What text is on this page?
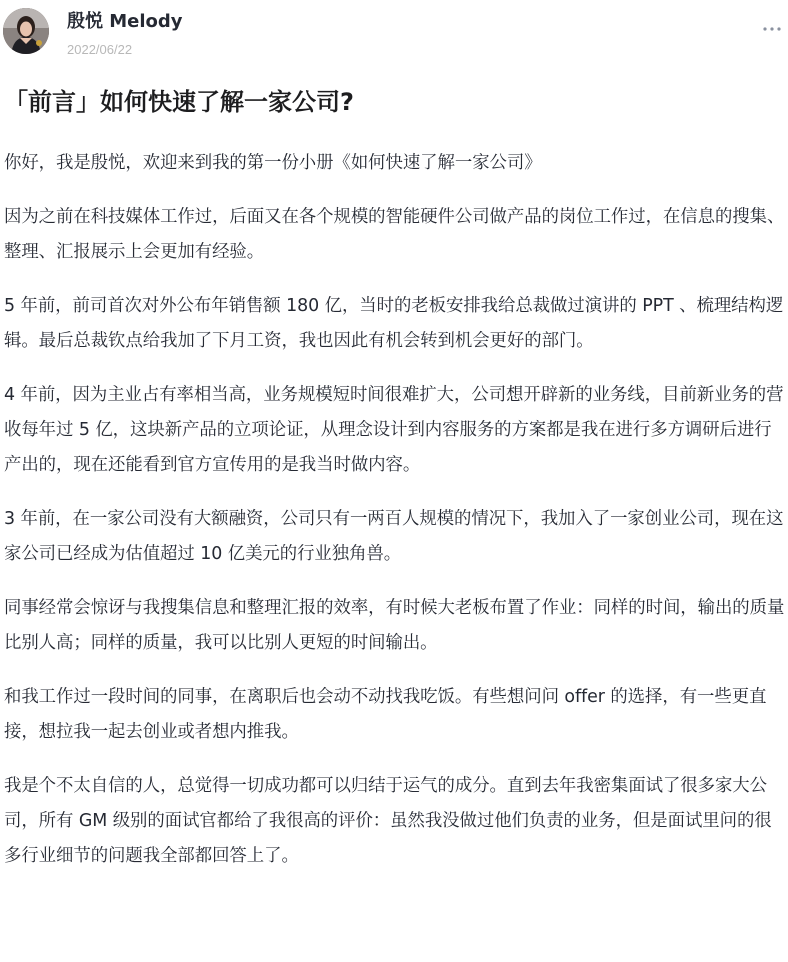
殷悦 Melody
2022/06/22
「前言」如何快速了解一家公司?

你好，我是殷悦，欢迎来到我的第一份小册《如何快速了解一家公司》

因为之前在科技媒体工作过，后面又在各个规模的智能硬件公司做产品的岗位工作过，在信息的搜集、整理、汇报展示上会更加有经验。

5 年前，前司首次对外公布年销售额 180 亿，当时的老板安排我给总裁做过演讲的 PPT 、梳理结构逻辑。最后总裁钦点给我加了下月工资，我也因此有机会转到机会更好的部门。

4 年前，因为主业占有率相当高，业务规模短时间很难扩大，公司想开辟新的业务线，目前新业务的营收每年过 5 亿，这块新产品的立项论证，从理念设计到内容服务的方案都是我在进行多方调研后进行产出的，现在还能看到官方宣传用的是我当时做内容。

3 年前，在一家公司没有大额融资，公司只有一两百人规模的情况下，我加入了一家创业公司，现在这家公司已经成为估值超过 10 亿美元的行业独角兽。

同事经常会惊讶与我搜集信息和整理汇报的效率，有时候大老板布置了作业：同样的时间，输出的质量比别人高；同样的质量，我可以比别人更短的时间输出。

和我工作过一段时间的同事，在离职后也会动不动找我吃饭。有些想问问 offer 的选择，有一些更直接，想拉我一起去创业或者想内推我。

我是个不太自信的人，总觉得一切成功都可以归结于运气的成分。直到去年我密集面试了很多家大公司，所有 GM 级别的面试官都给了我很高的评价：虽然我没做过他们负责的业务，但是面试里问的很多行业细节的问题我全部都回答上了。
